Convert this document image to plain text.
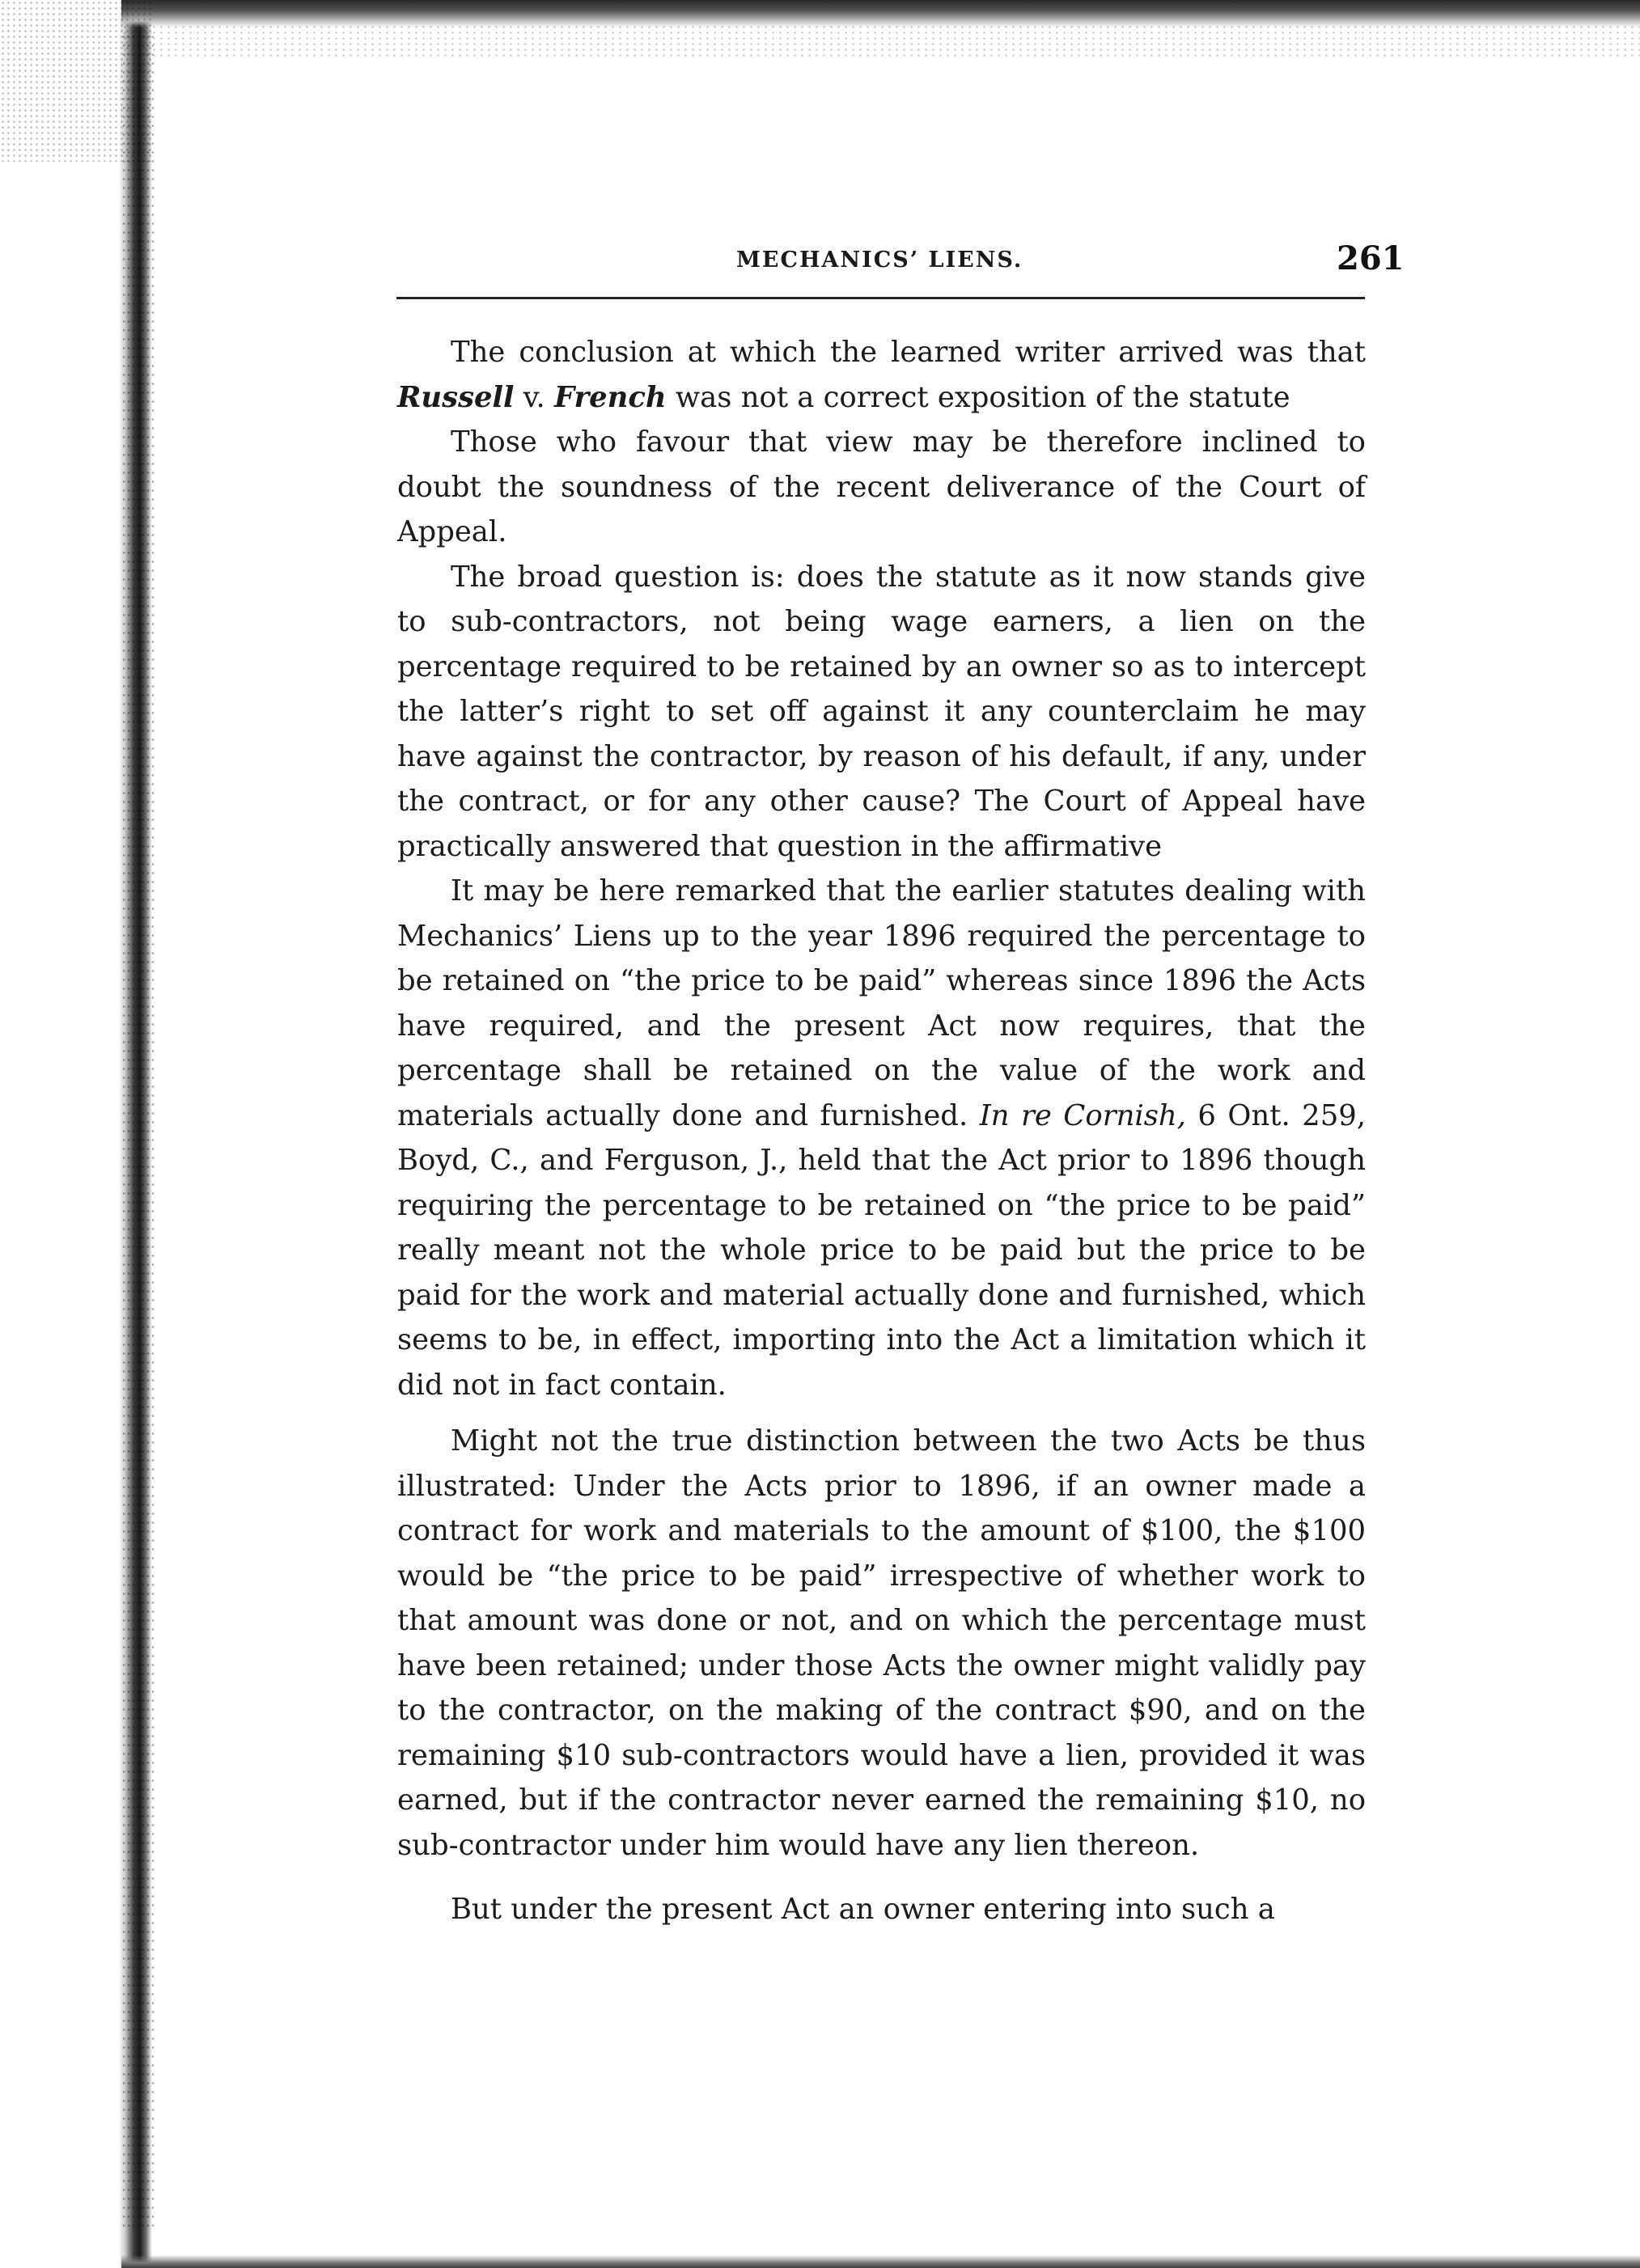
MECHANICS’ LIENS.	261

The conclusion at which the learned writer arrived was that Russell v. French was not a correct exposition of the statute

Those who favour that view may be therefore inclined to doubt the soundness of the recent deliverance of the Court of Appeal.

The broad question is: does the statute as it now stands give to sub-contractors, not being wage earners, a lien on the percentage required to be retained by an owner so as to intercept the latter’s right to set off against it any counterclaim he may have against the contractor, by reason of his default, if any, under the contract, or for any other cause? The Court of Appeal have practically answered that question in the affirmative

It may be here remarked that the earlier statutes dealing with Mechanics’ Liens up to the year 1896 required the percentage to be retained on “the price to be paid” whereas since 1896 the Acts have required, and the present Act now requires, that the percentage shall be retained on the value of the work and materials actually done and furnished. In re Cornish, 6 Ont. 259, Boyd, C., and Ferguson, J., held that the Act prior to 1896 though requiring the percentage to be retained on “the price to be paid” really meant not the whole price to be paid but the price to be paid for the work and material actually done and furnished, which seems to be, in effect, importing into the Act a limitation which it did not in fact contain.

Might not the true distinction between the two Acts be thus illustrated: Under the Acts prior to 1896, if an owner made a contract for work and materials to the amount of $100, the $100 would be “the price to be paid” irrespective of whether work to that amount was done or not, and on which the percentage must have been retained; under those Acts the owner might validly pay to the contractor, on the making of the contract $90, and on the remaining $10 sub-contractors would have a lien, provided it was earned, but if the contractor never earned the remaining $10, no sub-contractor under him would have any lien thereon.

But under the present Act an owner entering into such a
